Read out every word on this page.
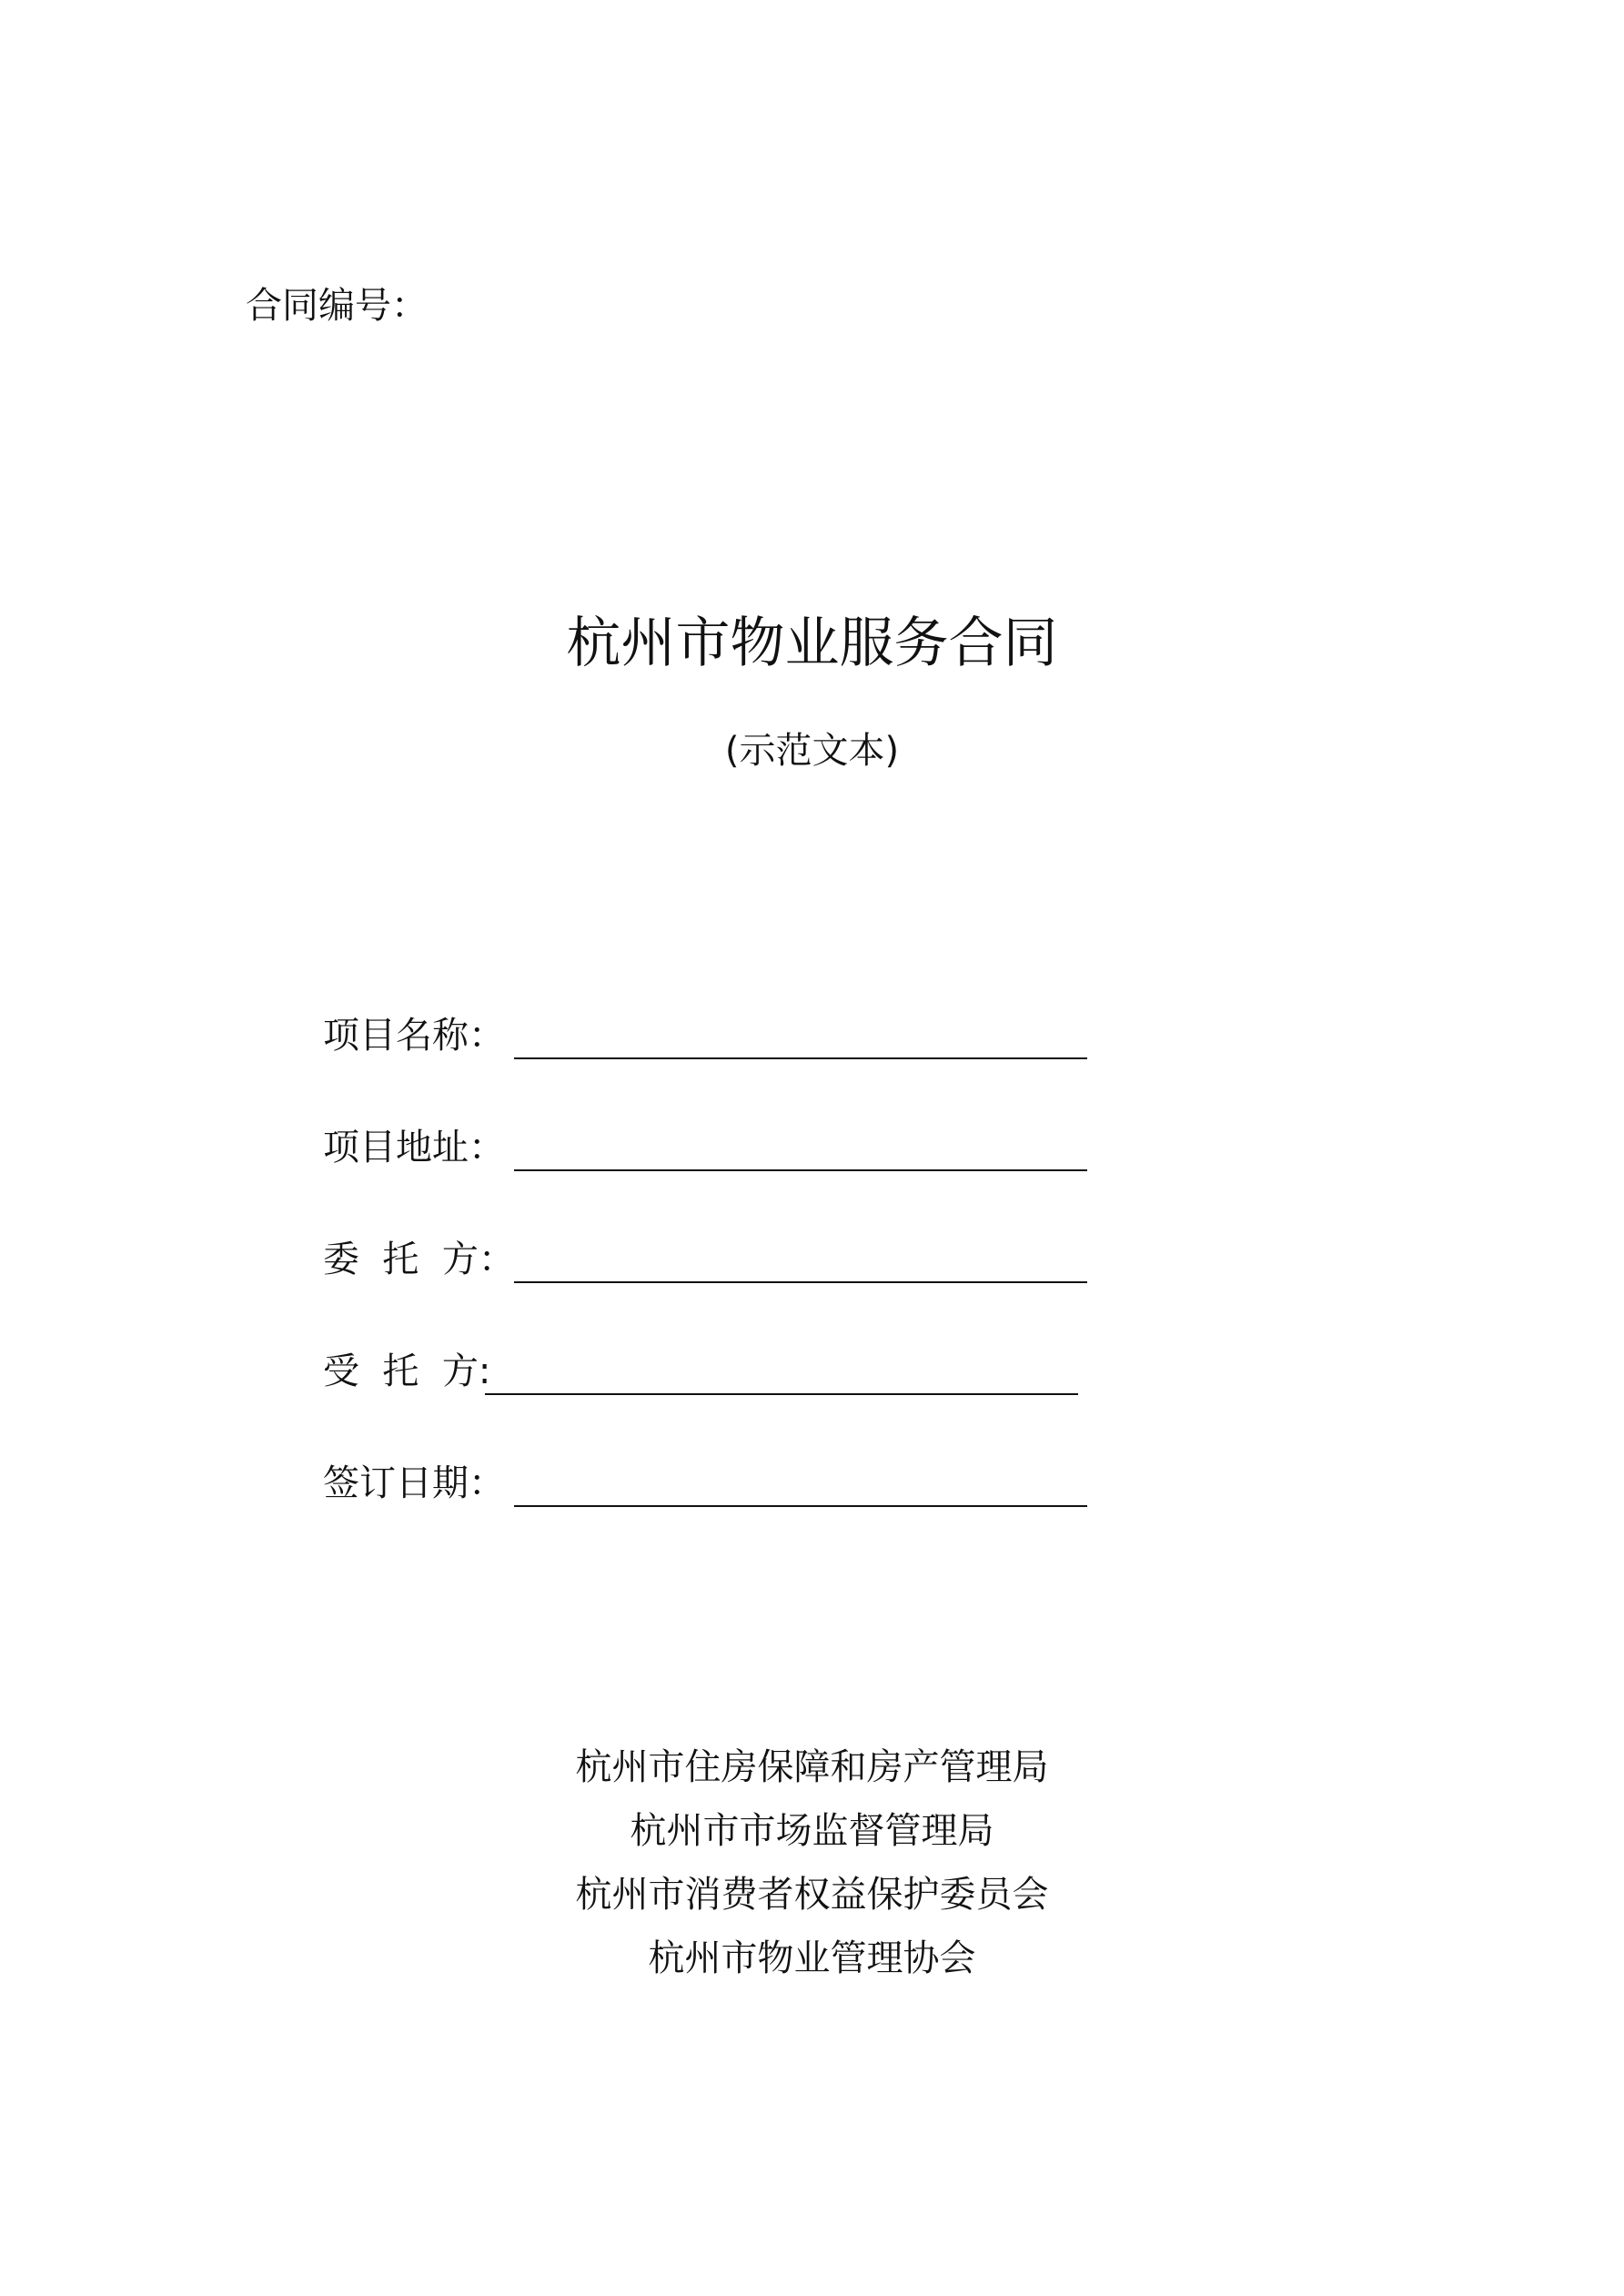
合同编号：
杭州市物业服务合同
(示范文本)
项目名称：
项目地址：
委  托  方：
受  托  方:
签订日期：
杭州市住房保障和房产管理局
杭州市市场监督管理局
杭州市消费者权益保护委员会
杭州市物业管理协会
